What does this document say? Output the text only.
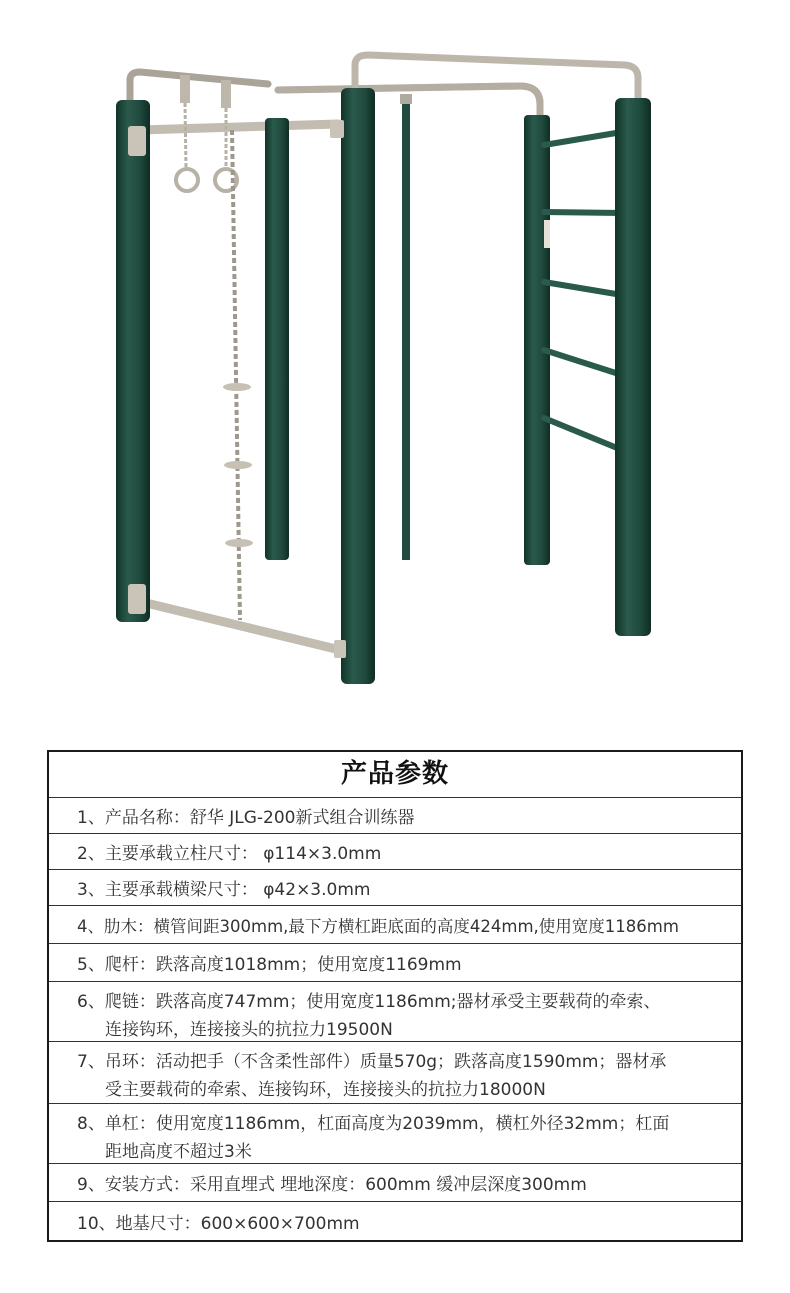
产品参数
1、产品名称：舒华 JLG-200新式组合训练器
2、主要承载立柱尺寸： φ114×3.0mm
3、主要承载横梁尺寸： φ42×3.0mm
4、肋木：横管间距300mm,最下方横杠距底面的高度424mm,使用宽度1186mm
5、爬杆：跌落高度1018mm；使用宽度1169mm
6、爬链：跌落高度747mm；使用宽度1186mm;器材承受主要载荷的牵索、
连接钩环，连接接头的抗拉力19500N
7、吊环：活动把手（不含柔性部件）质量570g；跌落高度1590mm；器材承
受主要载荷的牵索、连接钩环，连接接头的抗拉力18000N
8、单杠：使用宽度1186mm，杠面高度为2039mm，横杠外径32mm；杠面
距地高度不超过3米
9、安装方式：采用直埋式 埋地深度：600mm 缓冲层深度300mm
10、地基尺寸：600×600×700mm
